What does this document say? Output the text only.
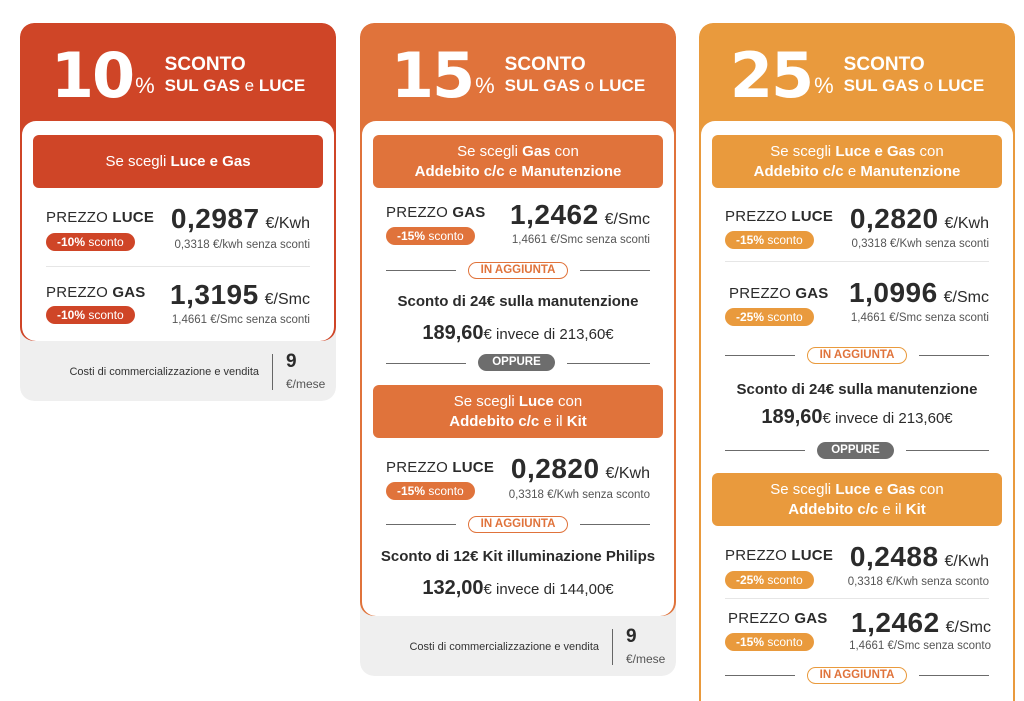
10 %
SCONTO
SUL GAS e LUCE
Se scegli Luce e Gas
PREZZO LUCE
-10% sconto
0,2987 €/Kwh
0,3318 €/kwh senza sconti
PREZZO GAS
-10% sconto
1,3195 €/Smc
1,4661 €/Smc senza sconti
Costi di commercializzazione e vendita 9
€/mese
15 %
SCONTO
SUL GAS o LUCE
Se scegli Gas con
Addebito c/c e Manutenzione
PREZZO GAS
-15% sconto
1,2462 €/Smc
1,4661 €/Smc senza sconti
IN AGGIUNTA
Sconto di 24€ sulla manutenzione
189,60€ invece di 213,60€
OPPURE
Se scegli Luce con
Addebito c/c e il Kit
PREZZO LUCE
-15% sconto
0,2820 €/Kwh
0,3318 €/Kwh senza sconto
IN AGGIUNTA
Sconto di 12€ Kit illuminazione Philips
132,00€ invece di 144,00€
Costi di commercializzazione e vendita 9
€/mese
25 %
SCONTO
SUL GAS o LUCE
Se scegli Luce e Gas con
Addebito c/c e Manutenzione
PREZZO LUCE
-15% sconto
0,2820 €/Kwh
0,3318 €/Kwh senza sconti
PREZZO GAS
-25% sconto
1,0996 €/Smc
1,4661 €/Smc senza sconti
IN AGGIUNTA
Sconto di 24€ sulla manutenzione
189,60€ invece di 213,60€
OPPURE
Se scegli Luce e Gas con
Addebito c/c e il Kit
PREZZO LUCE
-25% sconto
0,2488 €/Kwh
0,3318 €/Kwh senza sconto
PREZZO GAS
-15% sconto
1,2462 €/Smc
1,4661 €/Smc senza sconto
IN AGGIUNTA
